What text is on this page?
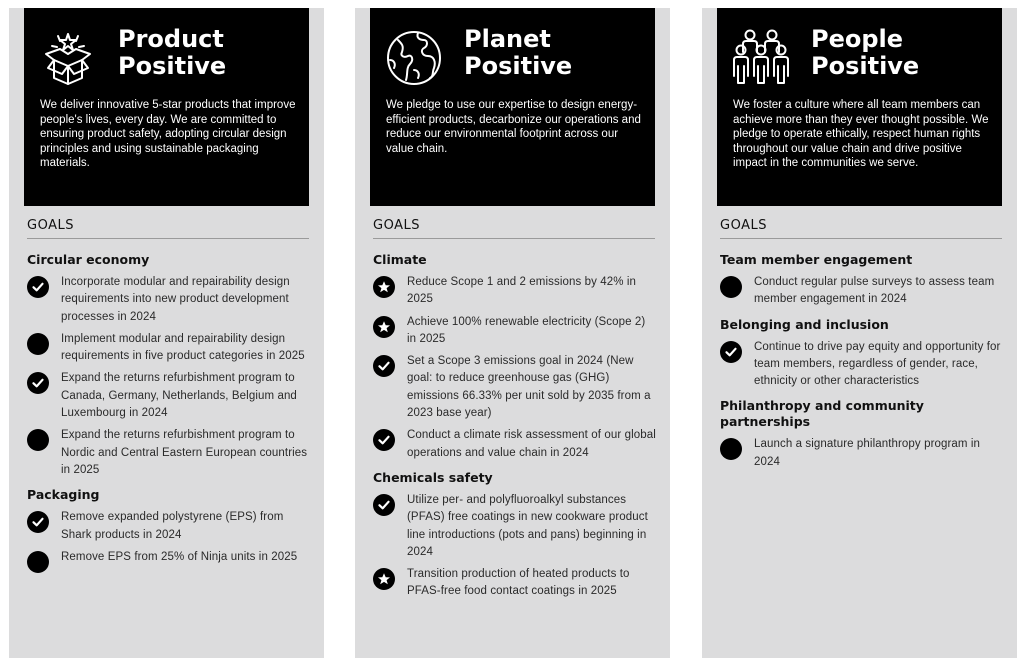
Product
Positive
We deliver innovative 5-star products that improve people's lives, every day. We are committed to ensuring product safety, adopting circular design principles and using sustainable packaging materials.
GOALS
Circular economy
Incorporate modular and repairability design requirements into new product development processes in 2024
Implement modular and repairability design requirements in five product categories in 2025
Expand the returns refurbishment program to Canada, Germany, Netherlands, Belgium and Luxembourg in 2024
Expand the returns refurbishment program to Nordic and Central Eastern European countries in 2025
Packaging
Remove expanded polystyrene (EPS) from Shark products in 2024
Remove EPS from 25% of Ninja units in 2025
Planet
Positive
We pledge to use our expertise to design energy-efficient products, decarbonize our operations and reduce our environmental footprint across our value chain.
GOALS
Climate
Reduce Scope 1 and 2 emissions by 42% in 2025
Achieve 100% renewable electricity (Scope 2) in 2025
Set a Scope 3 emissions goal in 2024 (New goal: to reduce greenhouse gas (GHG) emissions 66.33% per unit sold by 2035 from a 2023 base year)
Conduct a climate risk assessment of our global operations and value chain in 2024
Chemicals safety
Utilize per- and polyfluoroalkyl substances (PFAS) free coatings in new cookware product line introductions (pots and pans) beginning in 2024
Transition production of heated products to PFAS-free food contact coatings in 2025
People
Positive
We foster a culture where all team members can achieve more than they ever thought possible. We pledge to operate ethically, respect human rights throughout our value chain and drive positive impact in the communities we serve.
GOALS
Team member engagement
Conduct regular pulse surveys to assess team member engagement in 2024
Belonging and inclusion
Continue to drive pay equity and opportunity for team members, regardless of gender, race, ethnicity or other characteristics
Philanthropy and community partnerships
Launch a signature philanthropy program in 2024
